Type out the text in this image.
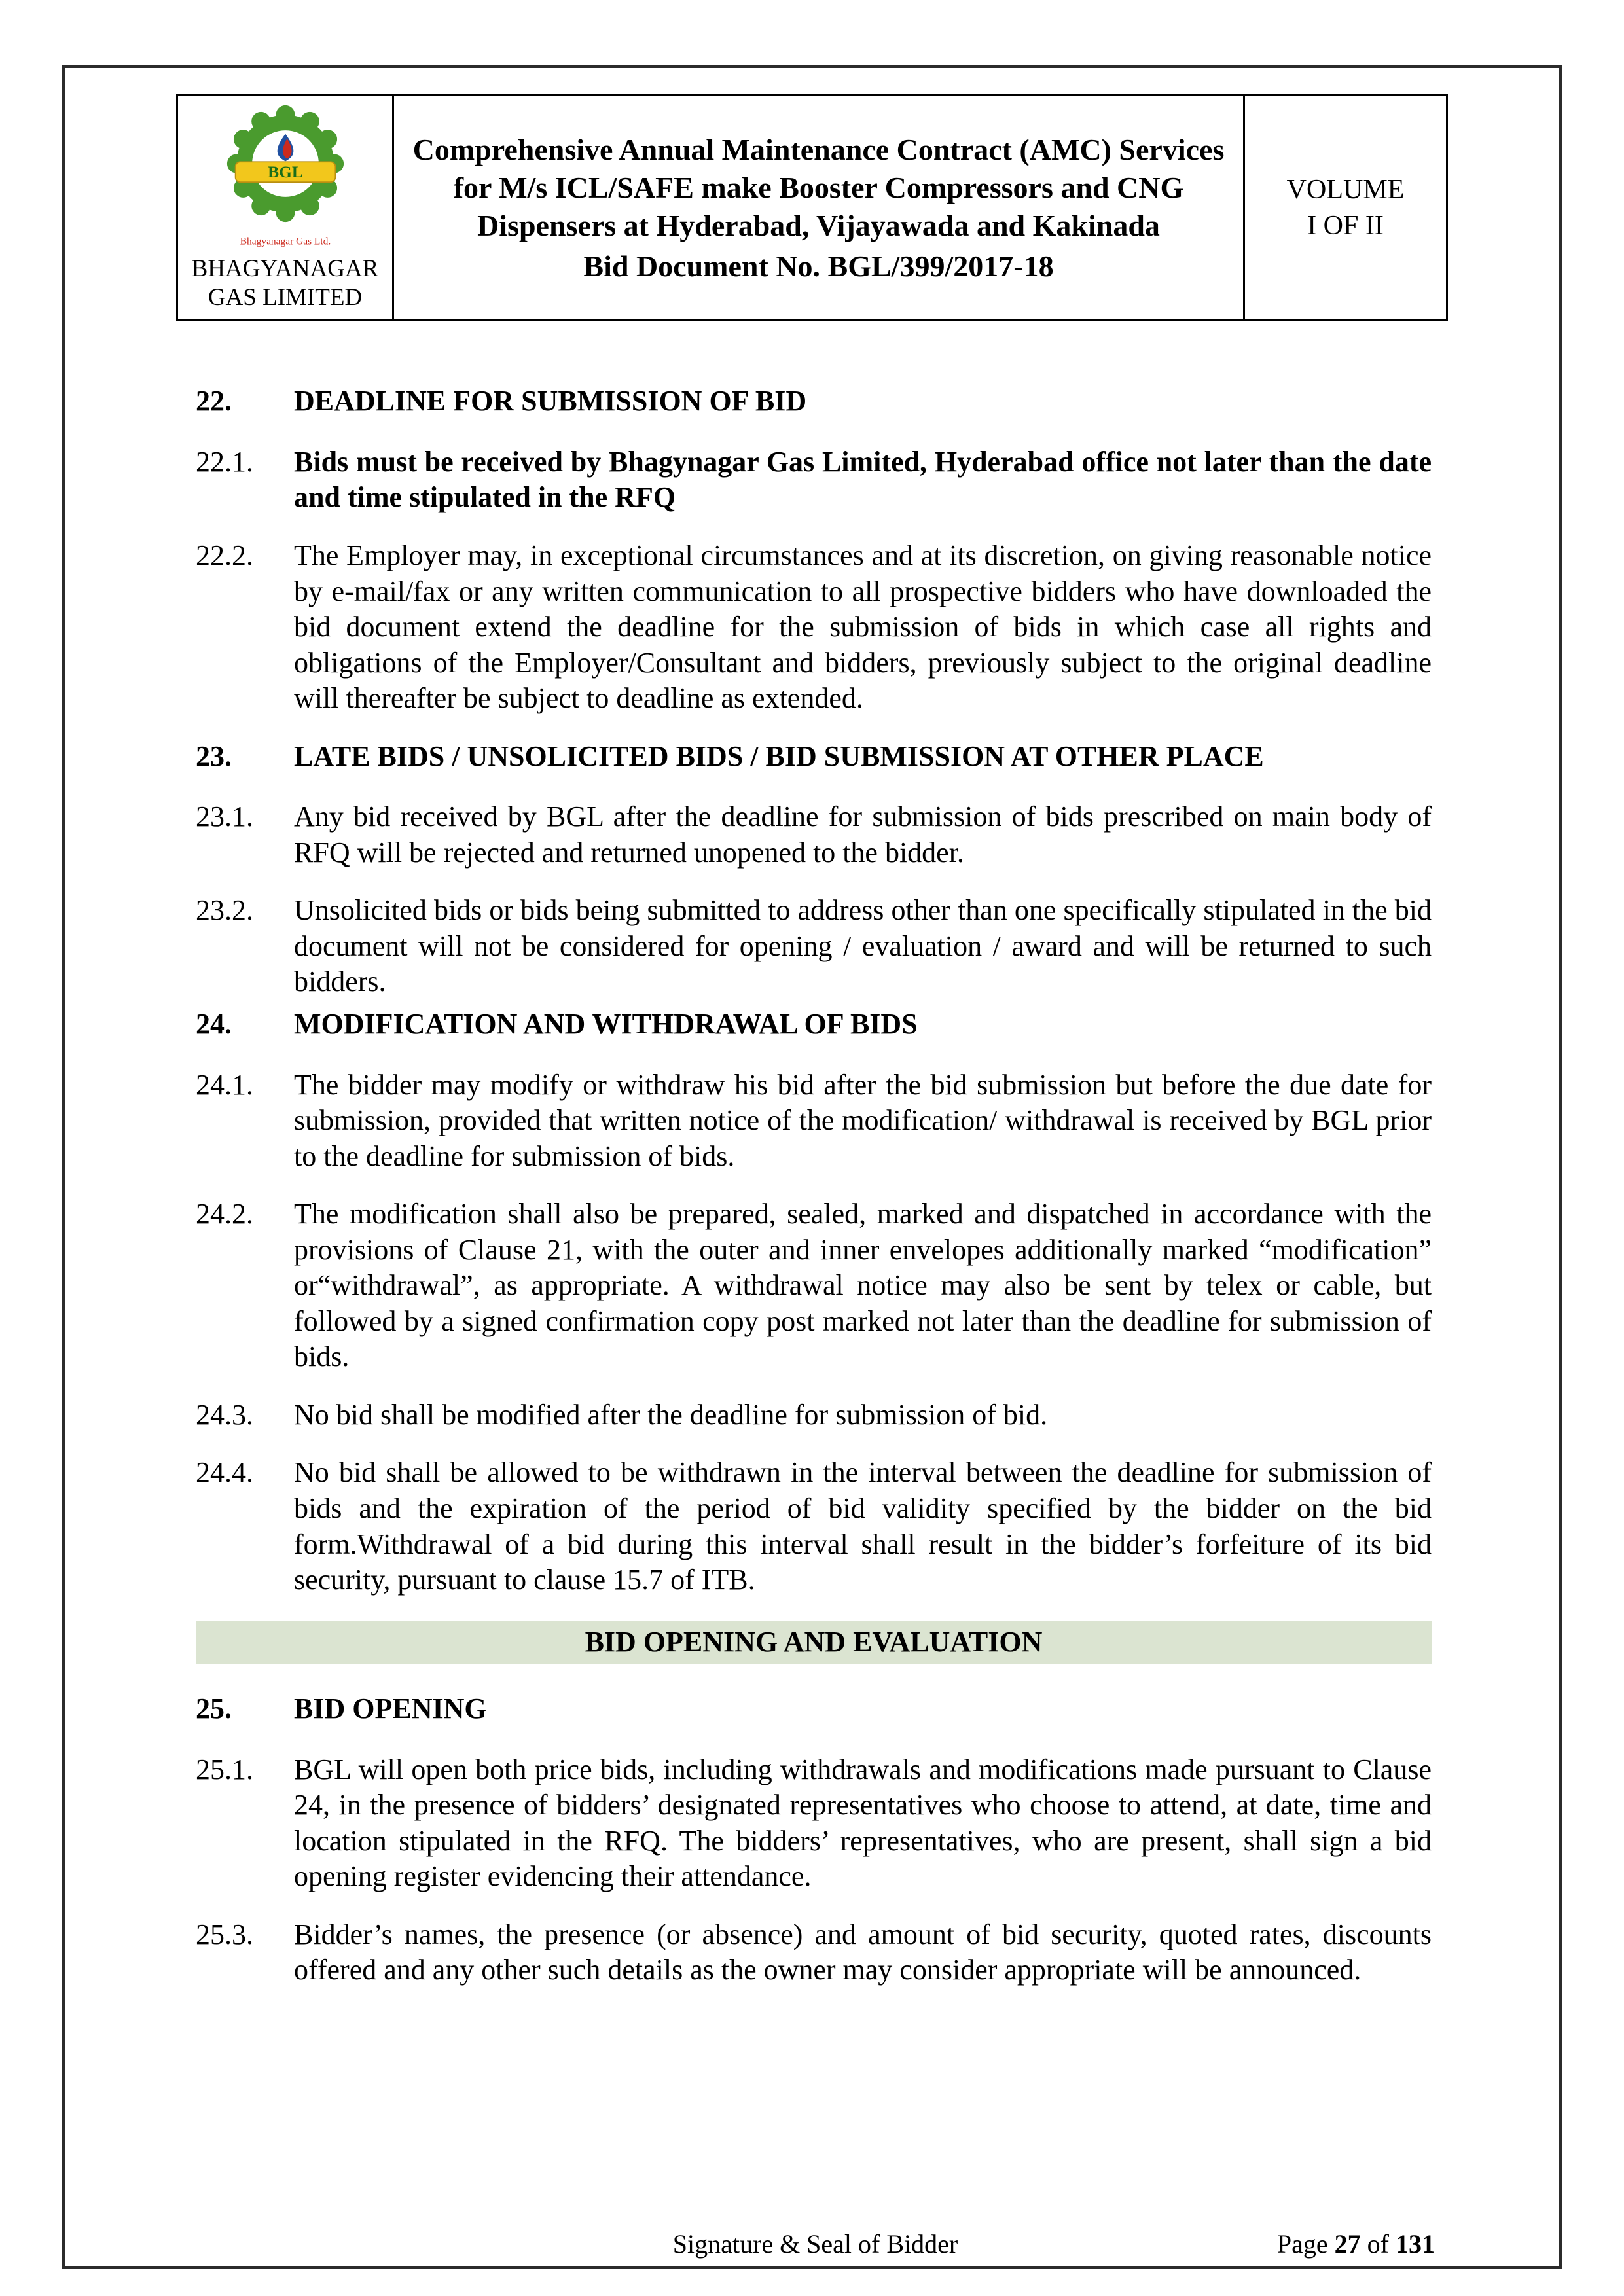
BGL
Bhagyanagar Gas Ltd.
BHAGYANAGAR
GAS LIMITED

Comprehensive Annual Maintenance Contract (AMC) Services for M/s ICL/SAFE make Booster Compressors and CNG Dispensers at Hyderabad, Vijayawada and Kakinada
Bid Document No. BGL/399/2017-18

VOLUME
I OF II
22.	DEADLINE FOR SUBMISSION OF BID
22.1.	Bids must be received by Bhagynagar Gas Limited, Hyderabad office not later than the date and time stipulated in the RFQ
22.2.	The Employer may, in exceptional circumstances and at its discretion, on giving reasonable notice by e-mail/fax or any written communication to all prospective bidders who have downloaded the bid document extend the deadline for the submission of bids in which case all rights and obligations of the Employer/Consultant and bidders, previously subject to the original deadline will thereafter be subject to deadline as extended.
23.	LATE BIDS / UNSOLICITED BIDS / BID SUBMISSION AT OTHER PLACE
23.1.	Any bid received by BGL after the deadline for submission of bids prescribed on main body of RFQ will be rejected and returned unopened to the bidder.
23.2.	Unsolicited bids or bids being submitted to address other than one specifically stipulated in the bid document will not be considered for opening / evaluation / award and will be returned to such bidders.
24.	MODIFICATION AND WITHDRAWAL OF BIDS
24.1.	The bidder may modify or withdraw his bid after the bid submission but before the due date for submission, provided that written notice of the modification/ withdrawal is received by BGL prior to the deadline for submission of bids.
24.2.	The modification shall also be prepared, sealed, marked and dispatched in accordance with the provisions of Clause 21, with the outer and inner envelopes additionally marked “modification” or“withdrawal”, as appropriate. A withdrawal notice may also be sent by telex or cable, but followed by a signed confirmation copy post marked not later than the deadline for submission of bids.
24.3.	No bid shall be modified after the deadline for submission of bid.
24.4.	No bid shall be allowed to be withdrawn in the interval between the deadline for submission of bids and the expiration of the period of bid validity specified by the bidder on the bid form.Withdrawal of a bid during this interval shall result in the bidder’s forfeiture of its bid security, pursuant to clause 15.7 of ITB.
BID OPENING AND EVALUATION
25.	BID OPENING
25.1.	BGL will open both price bids, including withdrawals and modifications made pursuant to Clause 24, in the presence of bidders’ designated representatives who choose to attend, at date, time and location stipulated in the RFQ. The bidders’ representatives, who are present, shall sign a bid opening register evidencing their attendance.
25.3.	Bidder’s names, the presence (or absence) and amount of bid security, quoted rates, discounts offered and any other such details as the owner may consider appropriate will be announced.
Signature & Seal of Bidder	Page 27 of 131
